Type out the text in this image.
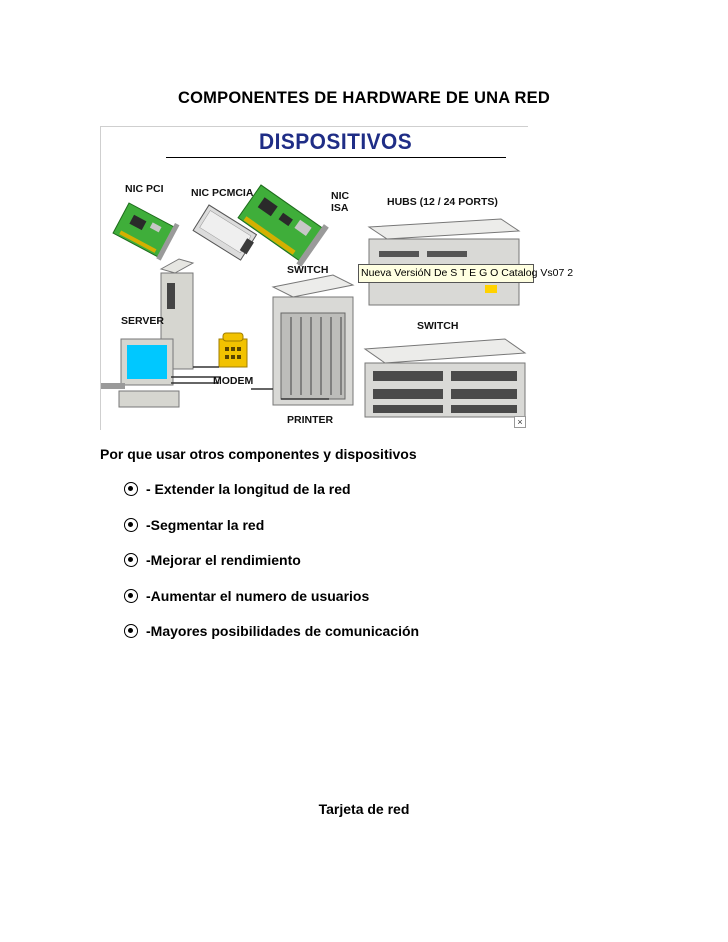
COMPONENTES DE HARDWARE DE UNA RED
DISPOSITIVOS
NIC PCI	NIC PCMCIA	NIC
ISA	HUBS (12 / 24 PORTS)
SWITCH
SERVER	SWITCH
MODEM
PRINTER
Nueva VersióN De S T E G O Catalog Vs07 2
×
Por que usar otros componentes y dispositivos
- Extender la longitud de la red
-Segmentar la red
-Mejorar el rendimiento
-Aumentar el numero de usuarios
-Mayores posibilidades de comunicación
Tarjeta de red
